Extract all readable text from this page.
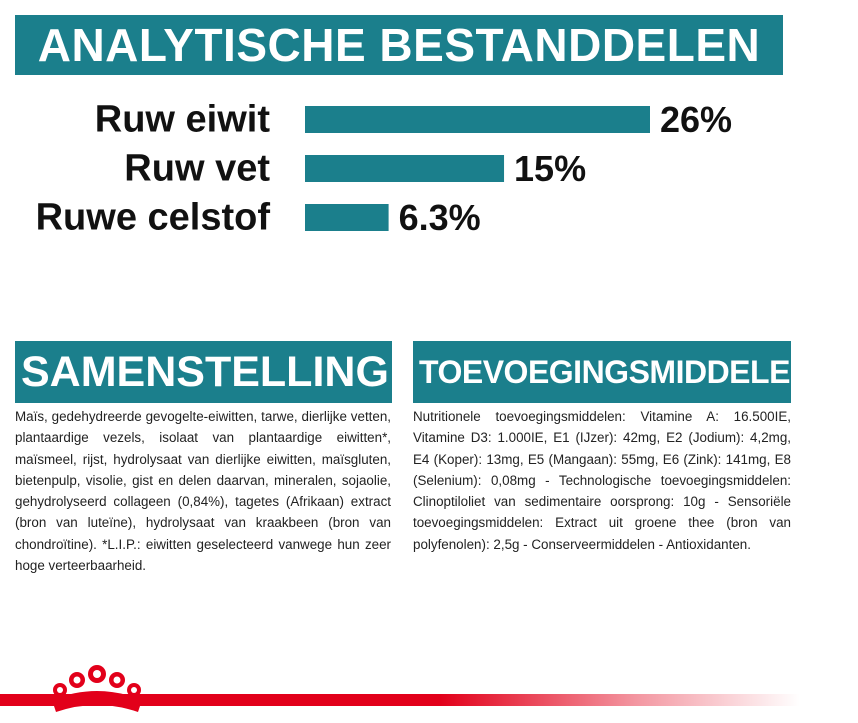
ANALYTISCHE BESTANDDELEN
Ruw eiwit	26%
Ruw vet	15%
Ruwe celstof	6.3%
SAMENSTELLING

Maïs, gedehydreerde gevogelte-eiwitten, tarwe, dierlijke vetten, plantaardige vezels, isolaat van plantaardige eiwitten*, maïsmeel, rijst, hydrolysaat van dierlijke eiwitten, maïsgluten, bietenpulp, visolie, gist en delen daarvan, mineralen, sojaolie, gehydrolyseerd collageen (0,84%), tagetes (Afrikaan) extract (bron van luteïne), hydrolysaat van kraakbeen (bron van chondroïtine). *L.I.P.: eiwitten geselecteerd vanwege hun zeer hoge verteerbaarheid.

TOEVOEGINGSMIDDELEN (/kg)

Nutritionele toevoegingsmiddelen: Vitamine A: 16.500IE, Vitamine D3: 1.000IE, E1 (IJzer): 42mg, E2 (Jodium): 4,2mg, E4 (Koper): 13mg, E5 (Mangaan): 55mg, E6 (Zink): 141mg, E8 (Selenium): 0,08mg - Technologische toevoegingsmiddelen: Clinoptiloliet van sedimentaire oorsprong: 10g - Sensoriële toevoegingsmiddelen: Extract uit groene thee (bron van polyfenolen): 2,5g - Conserveermiddelen - Antioxidanten.
